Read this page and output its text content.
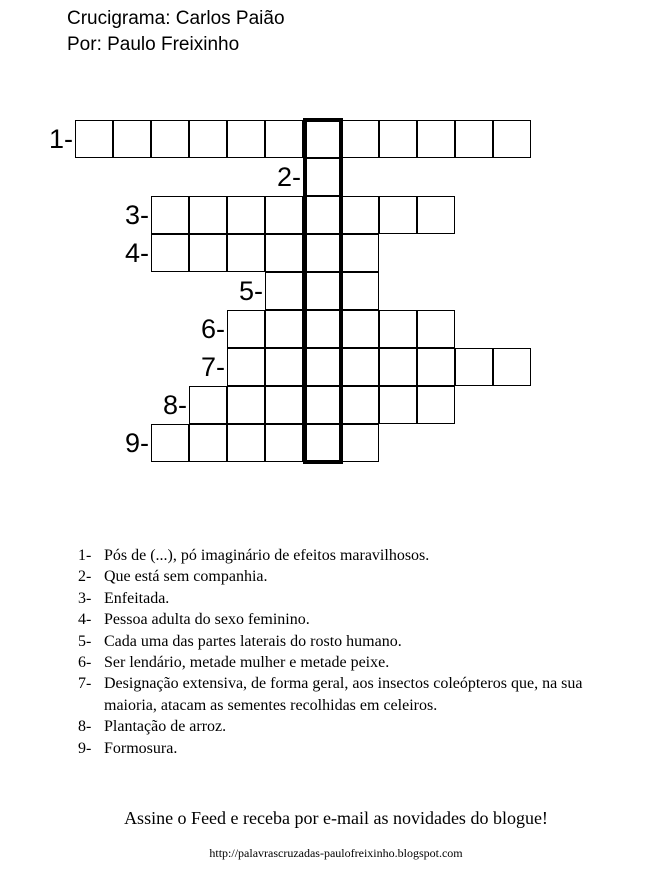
Crucigrama: Carlos Paião
Por: Paulo Freixinho
1-
2-
3-
4-
5-
6-
7-
8-
9-
1- Pós de (...), pó imaginário de efeitos maravilhosos.
2- Que está sem companhia.
3- Enfeitada.
4- Pessoa adulta do sexo feminino.
5- Cada uma das partes laterais do rosto humano.
6- Ser lendário, metade mulher e metade peixe.
7- Designação extensiva, de forma geral, aos insectos coleópteros que, na sua maioria, atacam as sementes recolhidas em celeiros.
8- Plantação de arroz.
9- Formosura.
Assine o Feed e receba por e-mail as novidades do blogue!
http://palavrascruzadas-paulofreixinho.blogspot.com
